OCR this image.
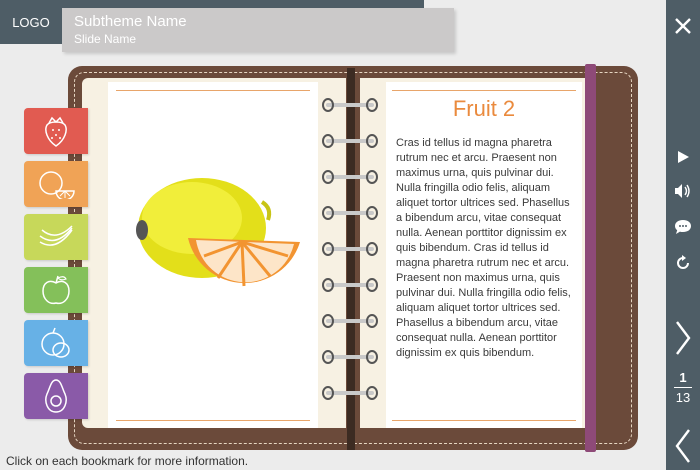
LOGO	Subtheme Name
Slide Name
1
13
Fruit 2
Cras id tellus id magna pharetra rutrum nec et arcu. Praesent non maximus urna, quis pulvinar dui. Nulla fringilla odio felis, aliquam aliquet tortor ultrices sed. Phasellus a bibendum arcu, vitae consequat nulla. Aenean porttitor dignissim ex quis bibendum. Cras id tellus id magna pharetra rutrum nec et arcu. Praesent non maximus urna, quis pulvinar dui. Nulla fringilla odio felis, aliquam aliquet tortor ultrices sed. Phasellus a bibendum arcu, vitae consequat nulla. Aenean porttitor dignissim ex quis bibendum.
Click on each bookmark for more information.
